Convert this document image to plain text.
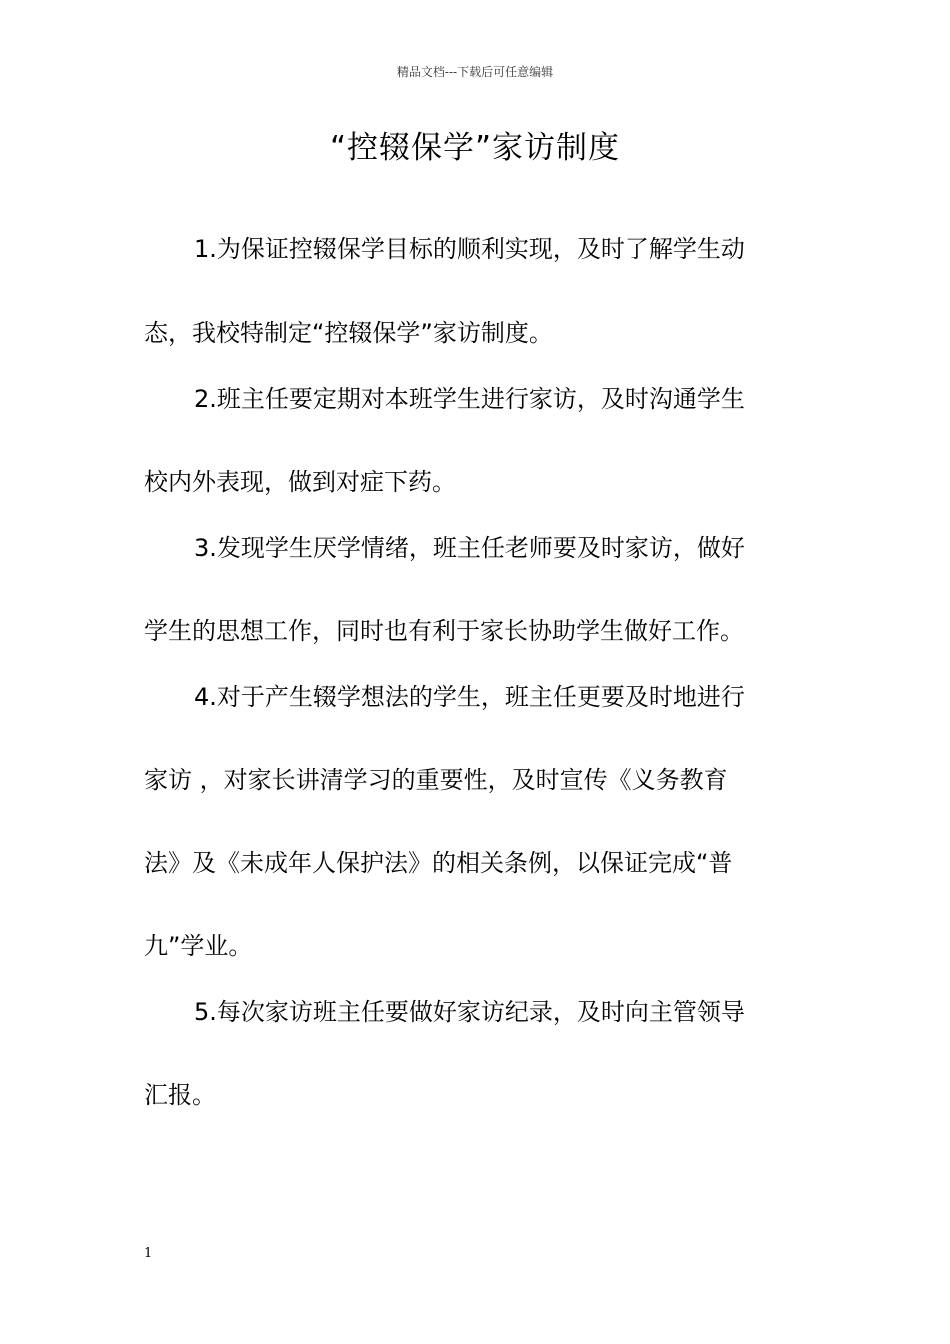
精品文档---下载后可任意编辑
“控辍保学”家访制度
1.为保证控辍保学目标的顺利实现，及时了解学生动
态，我校特制定“控辍保学”家访制度。
2.班主任要定期对本班学生进行家访，及时沟通学生
校内外表现，做到对症下药。
3.发现学生厌学情绪，班主任老师要及时家访，做好
学生的思想工作，同时也有利于家长协助学生做好工作。
4.对于产生辍学想法的学生，班主任更要及时地进行
家访 ，对家长讲清学习的重要性，及时宣传《义务教育
法》及《未成年人保护法》的相关条例，以保证完成“普
九”学业。
5.每次家访班主任要做好家访纪录，及时向主管领导
汇报。
1
